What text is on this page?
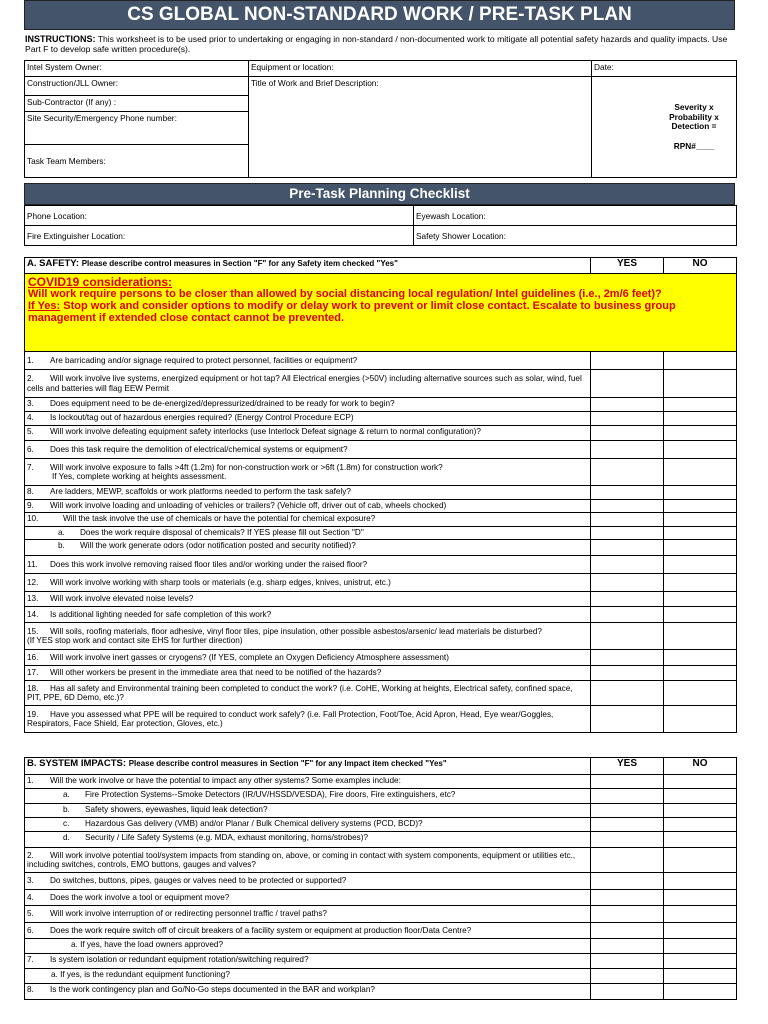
CS GLOBAL NON-STANDARD WORK / PRE-TASK PLAN
INSTRUCTIONS: This worksheet is to be used prior to undertaking or engaging in non-standard / non-documented work to mitigate all potential safety hazards and quality impacts. Use Part F to develop safe written procedure(s).
Intel System Owner:	Equipment or location:	Date:
Construction/JLL Owner:	Title of Work and Brief Description:	Severity x Probability x Detection =
RPN#____

Sub-Contractor (If any) :		
Site Security/Emergency Phone number:		
Task Team Members:		
Pre-Task Planning Checklist
Phone Location:	Eyewash Location:
Fire Extinguisher Location:	Safety Shower Location:
A. SAFETY: Please describe control measures in Section "F" for any Safety item checked "Yes"	YES	NO

COVID19 considerations:
Will work require persons to be closer than allowed by social distancing local regulation/ Intel guidelines (i.e., 2m/6 feet)?
If Yes: Stop work and consider options to modify or delay work to prevent or limit close contact. Escalate to business group management if extended close contact cannot be prevented.		

1. Are barricading and/or signage required to protect personnel, facilities or equipment?		
2. Will work involve live systems, energized equipment or hot tap? All Electrical energies (>50V) including alternative sources such as solar, wind, fuel cells and batteries will flag EEW Permit		
3. Does equipment need to be de-energized/depressurized/drained to be ready for work to begin?		
4. Is lockout/tag out of hazardous energies required? (Energy Control Procedure ECP)		
5. Will work involve defeating equipment safety interlocks (use Interlock Defeat signage & return to normal configuration)?		
6. Does this task require the demolition of electrical/chemical systems or equipment?		
7. Will work involve exposure to falls >4ft (1.2m) for non-construction work or >6ft (1.8m) for construction work?
If Yes, complete working at heights assessment.		
8. Are ladders, MEWP, scaffolds or work platforms needed to perform the task safely?		
9. Will work involve loading and unloading of vehicles or trailers? (Vehicle off, driver out of cab, wheels chocked)		
10. Will the task involve the use of chemicals or have the potential for chemical exposure?		
a. Does the work require disposal of chemicals? If YES please fill out Section "D"		
b. Will the work generate odors (odor notification posted and security notified)?		
11. Does this work involve removing raised floor tiles and/or working under the raised floor?		
12. Will work involve working with sharp tools or materials (e.g. sharp edges, knives, unistrut, etc.)		
13. Will work involve elevated noise levels?		
14. Is additional lighting needed for safe completion of this work?		
15. Will soils, roofing materials, floor adhesive, vinyl floor tiles, pipe insulation, other possible asbestos/arsenic/ lead materials be disturbed?
(If YES stop work and contact site EHS for further direction)		
16. Will work involve inert gasses or cryogens? (If YES, complete an Oxygen Deficiency Atmosphere assessment)		
17. Will other workers be present in the immediate area that need to be notified of the hazards?		
18. Has all safety and Environmental training been completed to conduct the work? (i.e. CoHE, Working at heights, Electrical safety, confined space, PIT, PPE, 6D Demo, etc.)?		
19. Have you assessed what PPE will be required to conduct work safely? (i.e. Fall Protection, Foot/Toe, Acid Apron, Head, Eye wear/Goggles, Respirators, Face Shield, Ear protection, Gloves, etc.)		
B. SYSTEM IMPACTS: Please describe control measures in Section "F" for any Impact item checked "Yes"	YES	NO
1. Will the work involve or have the potential to impact any other systems? Some examples include:		
a. Fire Protection Systems--Smoke Detectors (IR/UV/HSSD/VESDA), Fire doors, Fire extinguishers, etc?		
b. Safety showers, eyewashes, liquid leak detection?		
c. Hazardous Gas delivery (VMB) and/or Planar / Bulk Chemical delivery systems (PCD, BCD)?		
d. Security / Life Safety Systems (e.g. MDA, exhaust monitoring, horns/strobes)?		
2. Will work involve potential tool/system impacts from standing on, above, or coming in contact with system components, equipment or utilities etc., including switches, controls, EMO buttons, gauges and valves?		
3. Do switches, buttons, pipes, gauges or valves need to be protected or supported?		
4. Does the work involve a tool or equipment move?		
5. Will work involve interruption of or redirecting personnel traffic / travel paths?		
6. Does the work require switch off of circuit breakers of a facility system or equipment at production floor/Data Centre?		
a. If yes, have the load owners approved?		
7. Is system isolation or redundant equipment rotation/switching required?		
a. If yes, is the redundant equipment functioning?		
8. Is the work contingency plan and Go/No-Go steps documented in the BAR and workplan?		
